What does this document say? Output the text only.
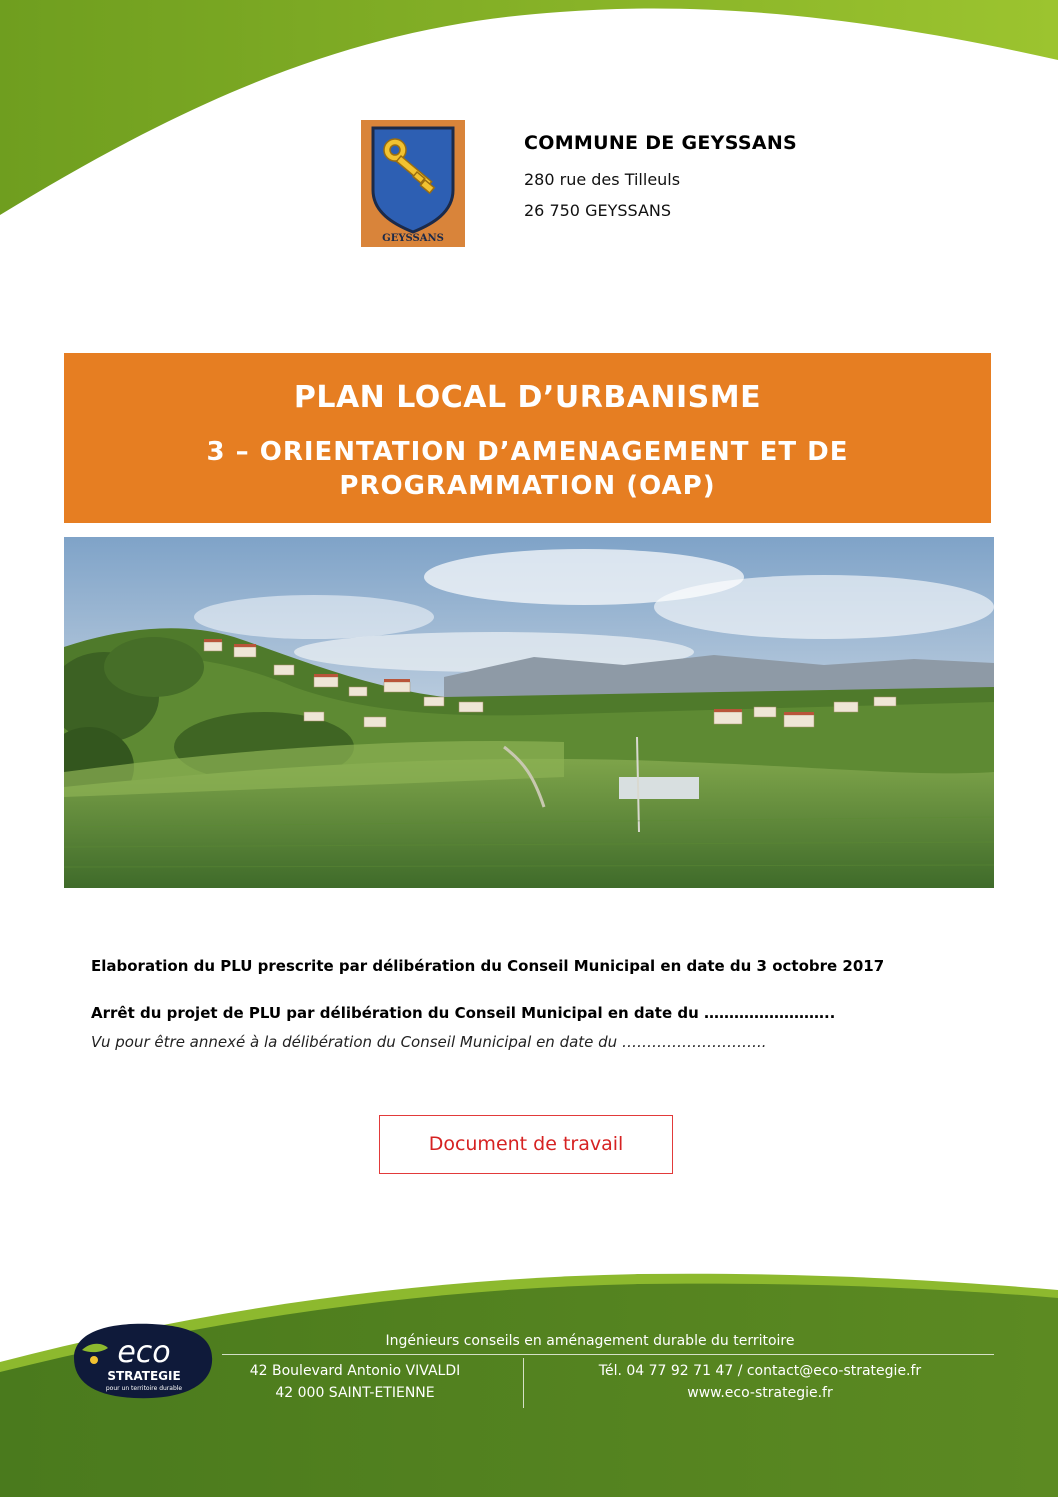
GEYSSANS
COMMUNE DE GEYSSANS
280 rue des Tilleuls
26 750 GEYSSANS
PLAN LOCAL D’URBANISME
3 – ORIENTATION D’AMENAGEMENT ET DE PROGRAMMATION (OAP)
Elaboration du PLU prescrite par délibération du Conseil Municipal en date du 3 octobre 2017
Arrêt du projet de PLU par délibération du Conseil Municipal en date du ……………………..
Vu pour être annexé à la délibération du Conseil Municipal en date du ………………………..
Document de travail
eco
STRATEGIE
pour un territoire durable
Ingénieurs conseils en aménagement durable du territoire
42 Boulevard Antonio VIVALDI
42 000 SAINT-ETIENNE
Tél. 04 77 92 71 47 / contact@eco-strategie.fr
www.eco-strategie.fr
